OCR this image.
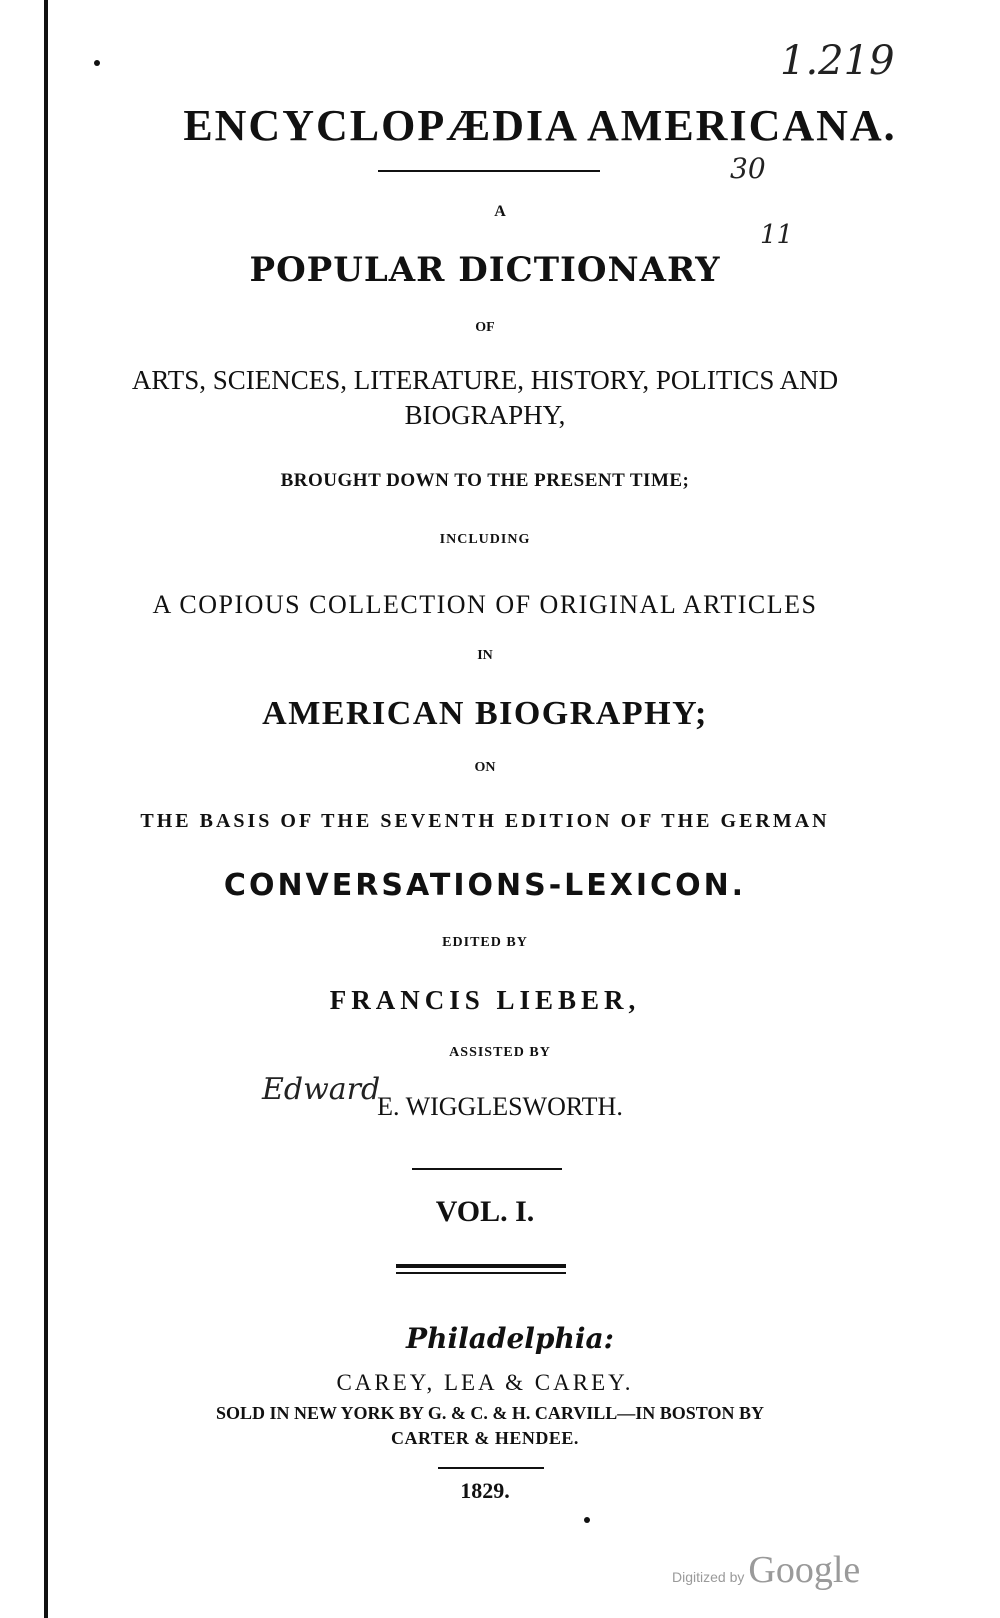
1.219
30
11
Edward
ENCYCLOPÆDIA AMERICANA.
A
POPULAR DICTIONARY
OF
ARTS, SCIENCES, LITERATURE, HISTORY, POLITICS AND
BIOGRAPHY,
BROUGHT DOWN TO THE PRESENT TIME;
INCLUDING
A COPIOUS COLLECTION OF ORIGINAL ARTICLES
IN
AMERICAN BIOGRAPHY;
ON
THE BASIS OF THE SEVENTH EDITION OF THE GERMAN
CONVERSATIONS-LEXICON.
EDITED BY
FRANCIS LIEBER,
ASSISTED BY
E. WIGGLESWORTH.
VOL. I.
Philadelphia:
CAREY, LEA & CAREY.
SOLD IN NEW YORK BY G. & C. & H. CARVILL—IN BOSTON BY
CARTER & HENDEE.
1829.
Digitized by Google
